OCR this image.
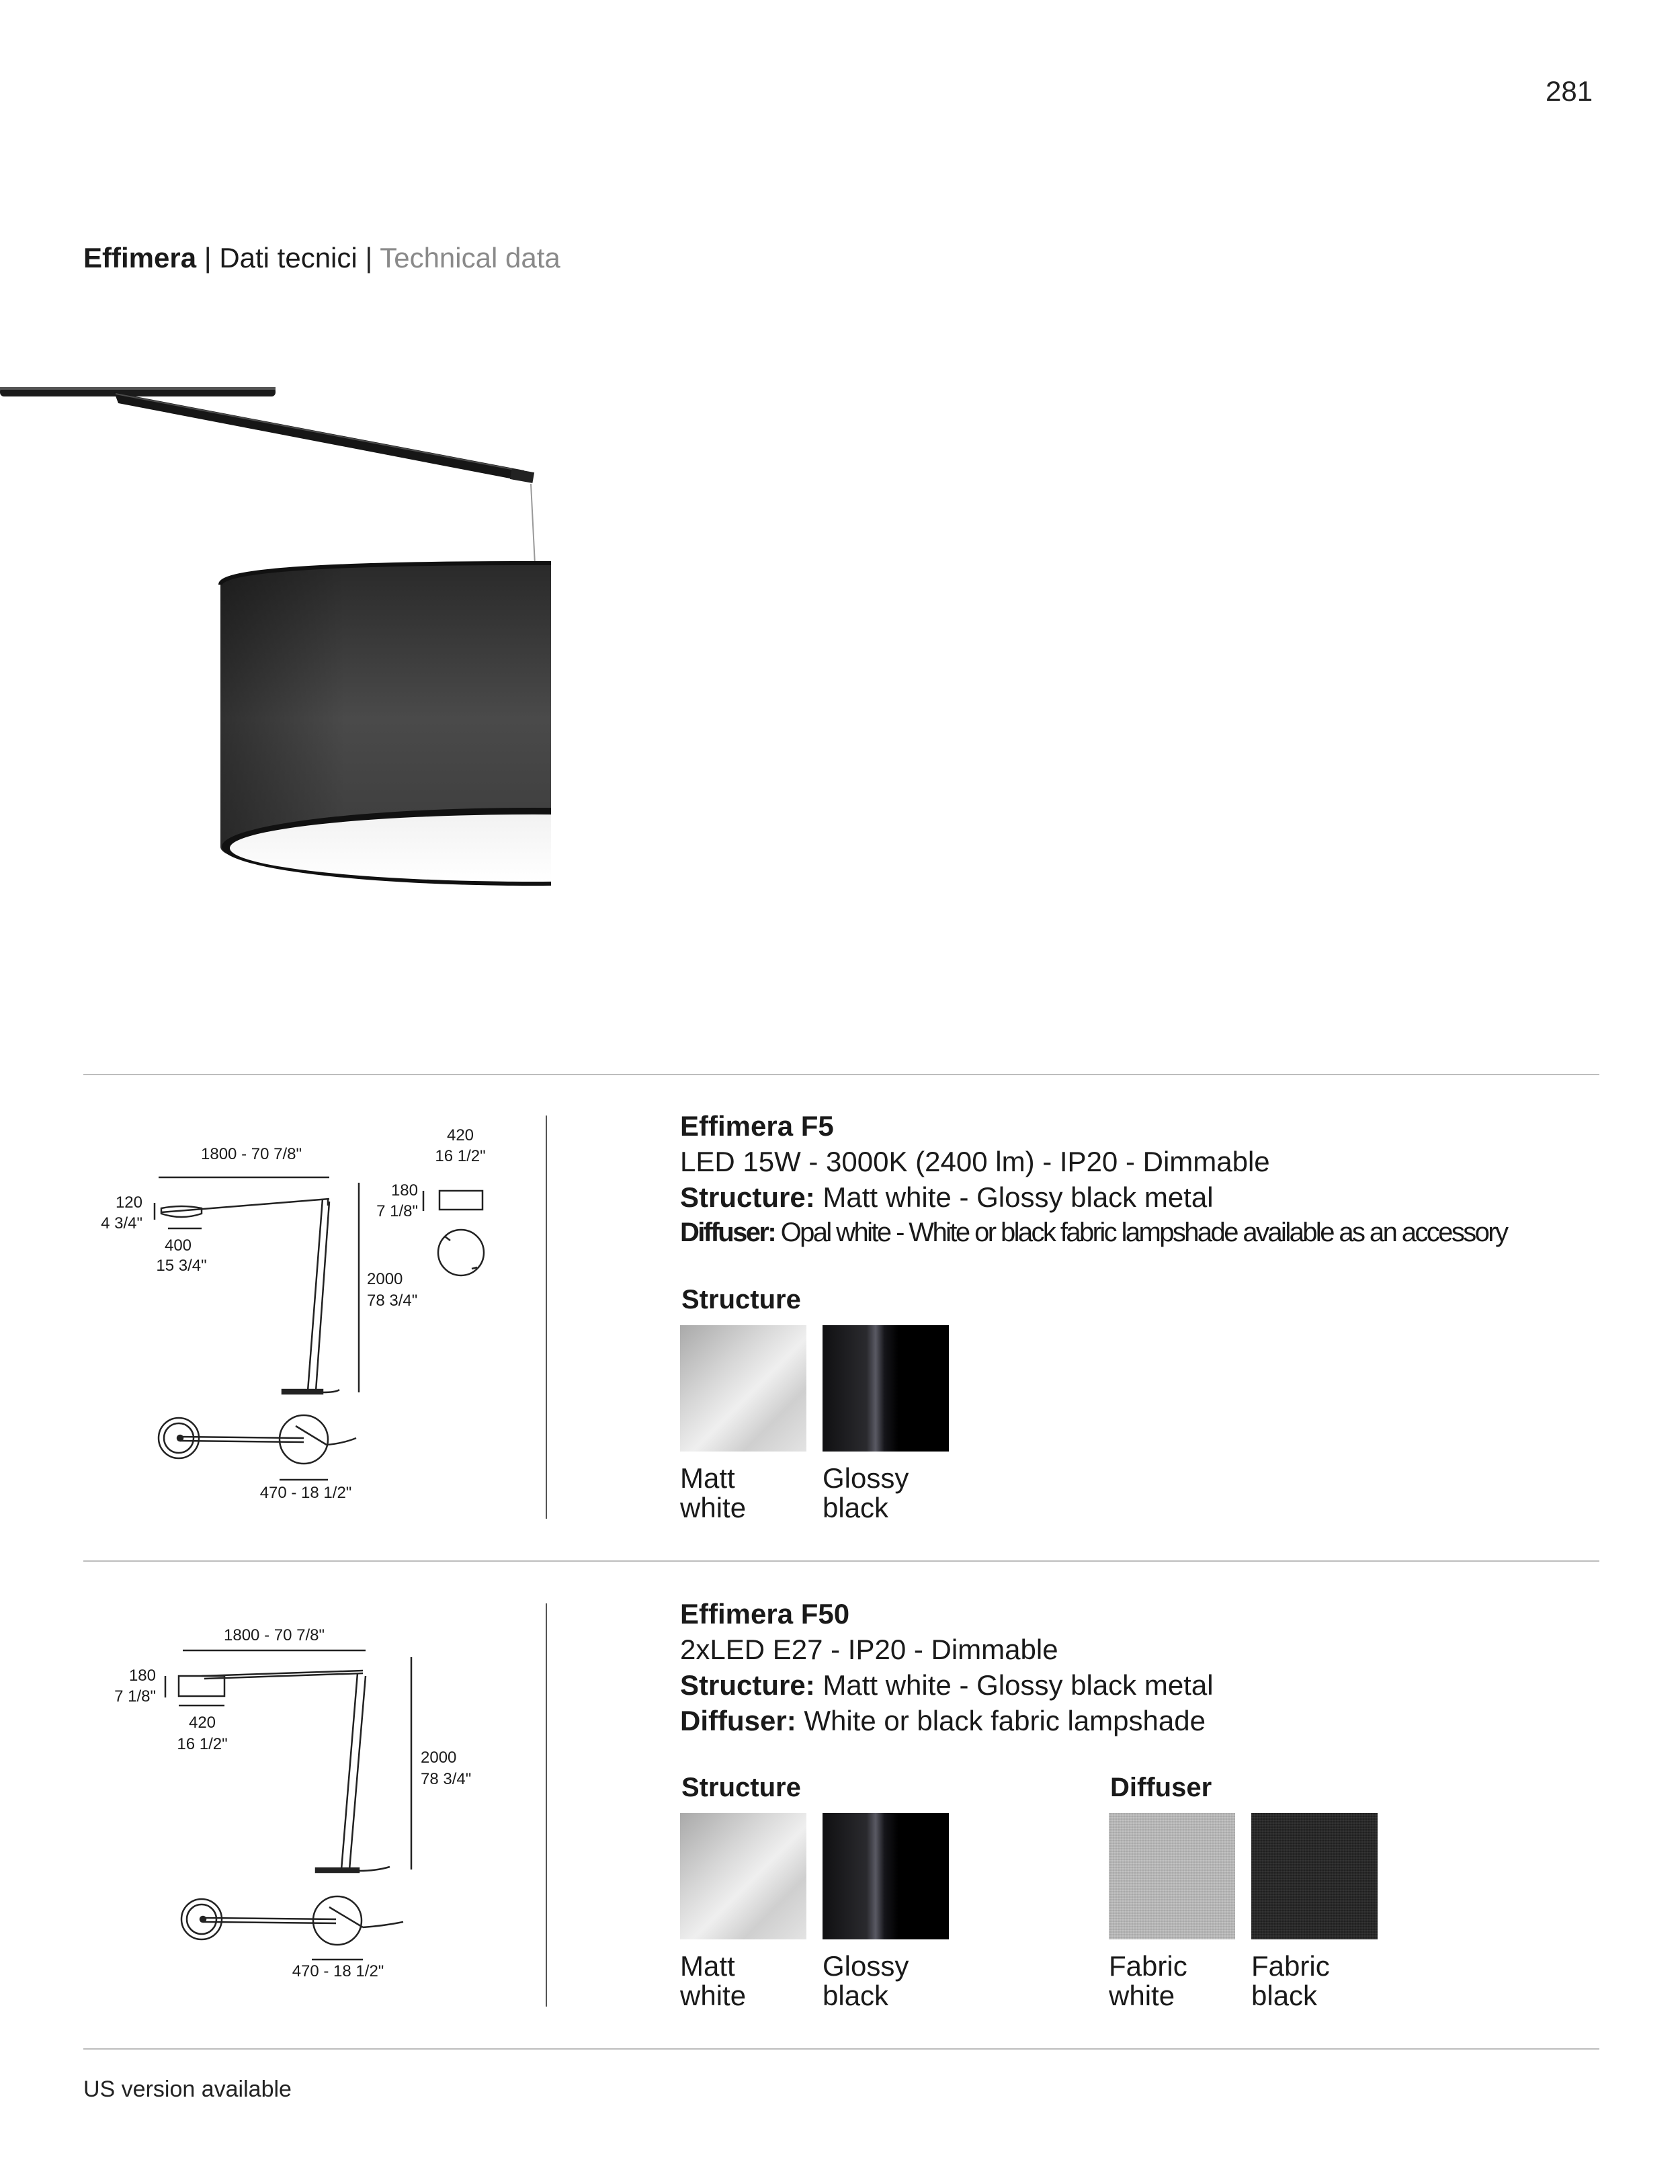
281
Effimera | Dati tecnici | Technical data
1800 - 70 7/8"
420
16 1/2"
180
7 1/8"
120
4 3/4"
400
15 3/4"
2000
78 3/4"
470 - 18 1/2"
Effimera F5
LED 15W - 3000K (2400 lm) - IP20 - Dimmable
Structure: Matt white - Glossy black metal
Diffuser: Opal white - White or black fabric lampshade available as an accessory
Structure
Matt
white
Glossy
black
1800 - 70 7/8"
180
7 1/8"
420
16 1/2"
2000
78 3/4"
470 - 18 1/2"
Effimera F50
2xLED E27 - IP20 - Dimmable
Structure: Matt white - Glossy black metal
Diffuser: White or black fabric lampshade
Structure	Diffuser
Matt
white
Glossy
black
Fabric
white
Fabric
black
US version available
